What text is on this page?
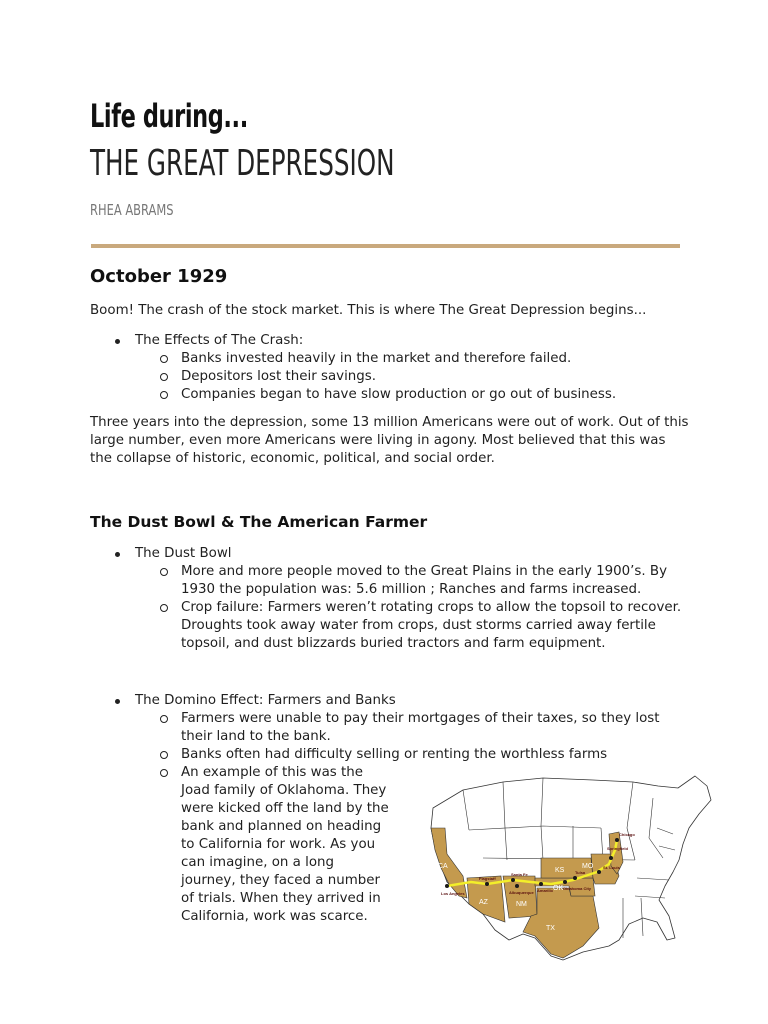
Life during...
THE GREAT DEPRESSION

RHEA ABRAMS

October 1929

Boom! The crash of the stock market. This is where The Great Depression begins...

The Effects of The Crash:
Banks invested heavily in the market and therefore failed.
Depositors lost their savings.
Companies began to have slow production or go out of business.

Three years into the depression, some 13 million Americans were out of work. Out of this large number, even more Americans were living in agony. Most believed that this was the collapse of historic, economic, political, and social order.

The Dust Bowl & The American Farmer
The Dust Bowl
More and more people moved to the Great Plains in the early 1900’s. By 1930 the population was: 5.6 million ; Ranches and farms increased.
Crop failure: Farmers weren’t rotating crops to allow the topsoil to recover. Droughts took away water from crops, dust storms carried away fertile topsoil, and dust blizzards buried tractors and farm equipment.
The Domino Effect: Farmers and Banks
Farmers were unable to pay their mortgages of their taxes, so they lost their land to the bank.
Banks often had difficulty selling or renting the worthless farms
An example of this was the Joad family of Oklahoma. They were kicked off the land by the bank and planned on heading to California for work. As you can imagine, on a long journey, they faced a number of trials. When they arrived in California, work was scarce.
CA
AZ	NM
TX
OK
KS
MO
Los Angeles
Flagstaff
Santa Fe
Albuquerque Amarillo
Tulsa
Oklahoma City
St. Louis
Springfield
Chicago
